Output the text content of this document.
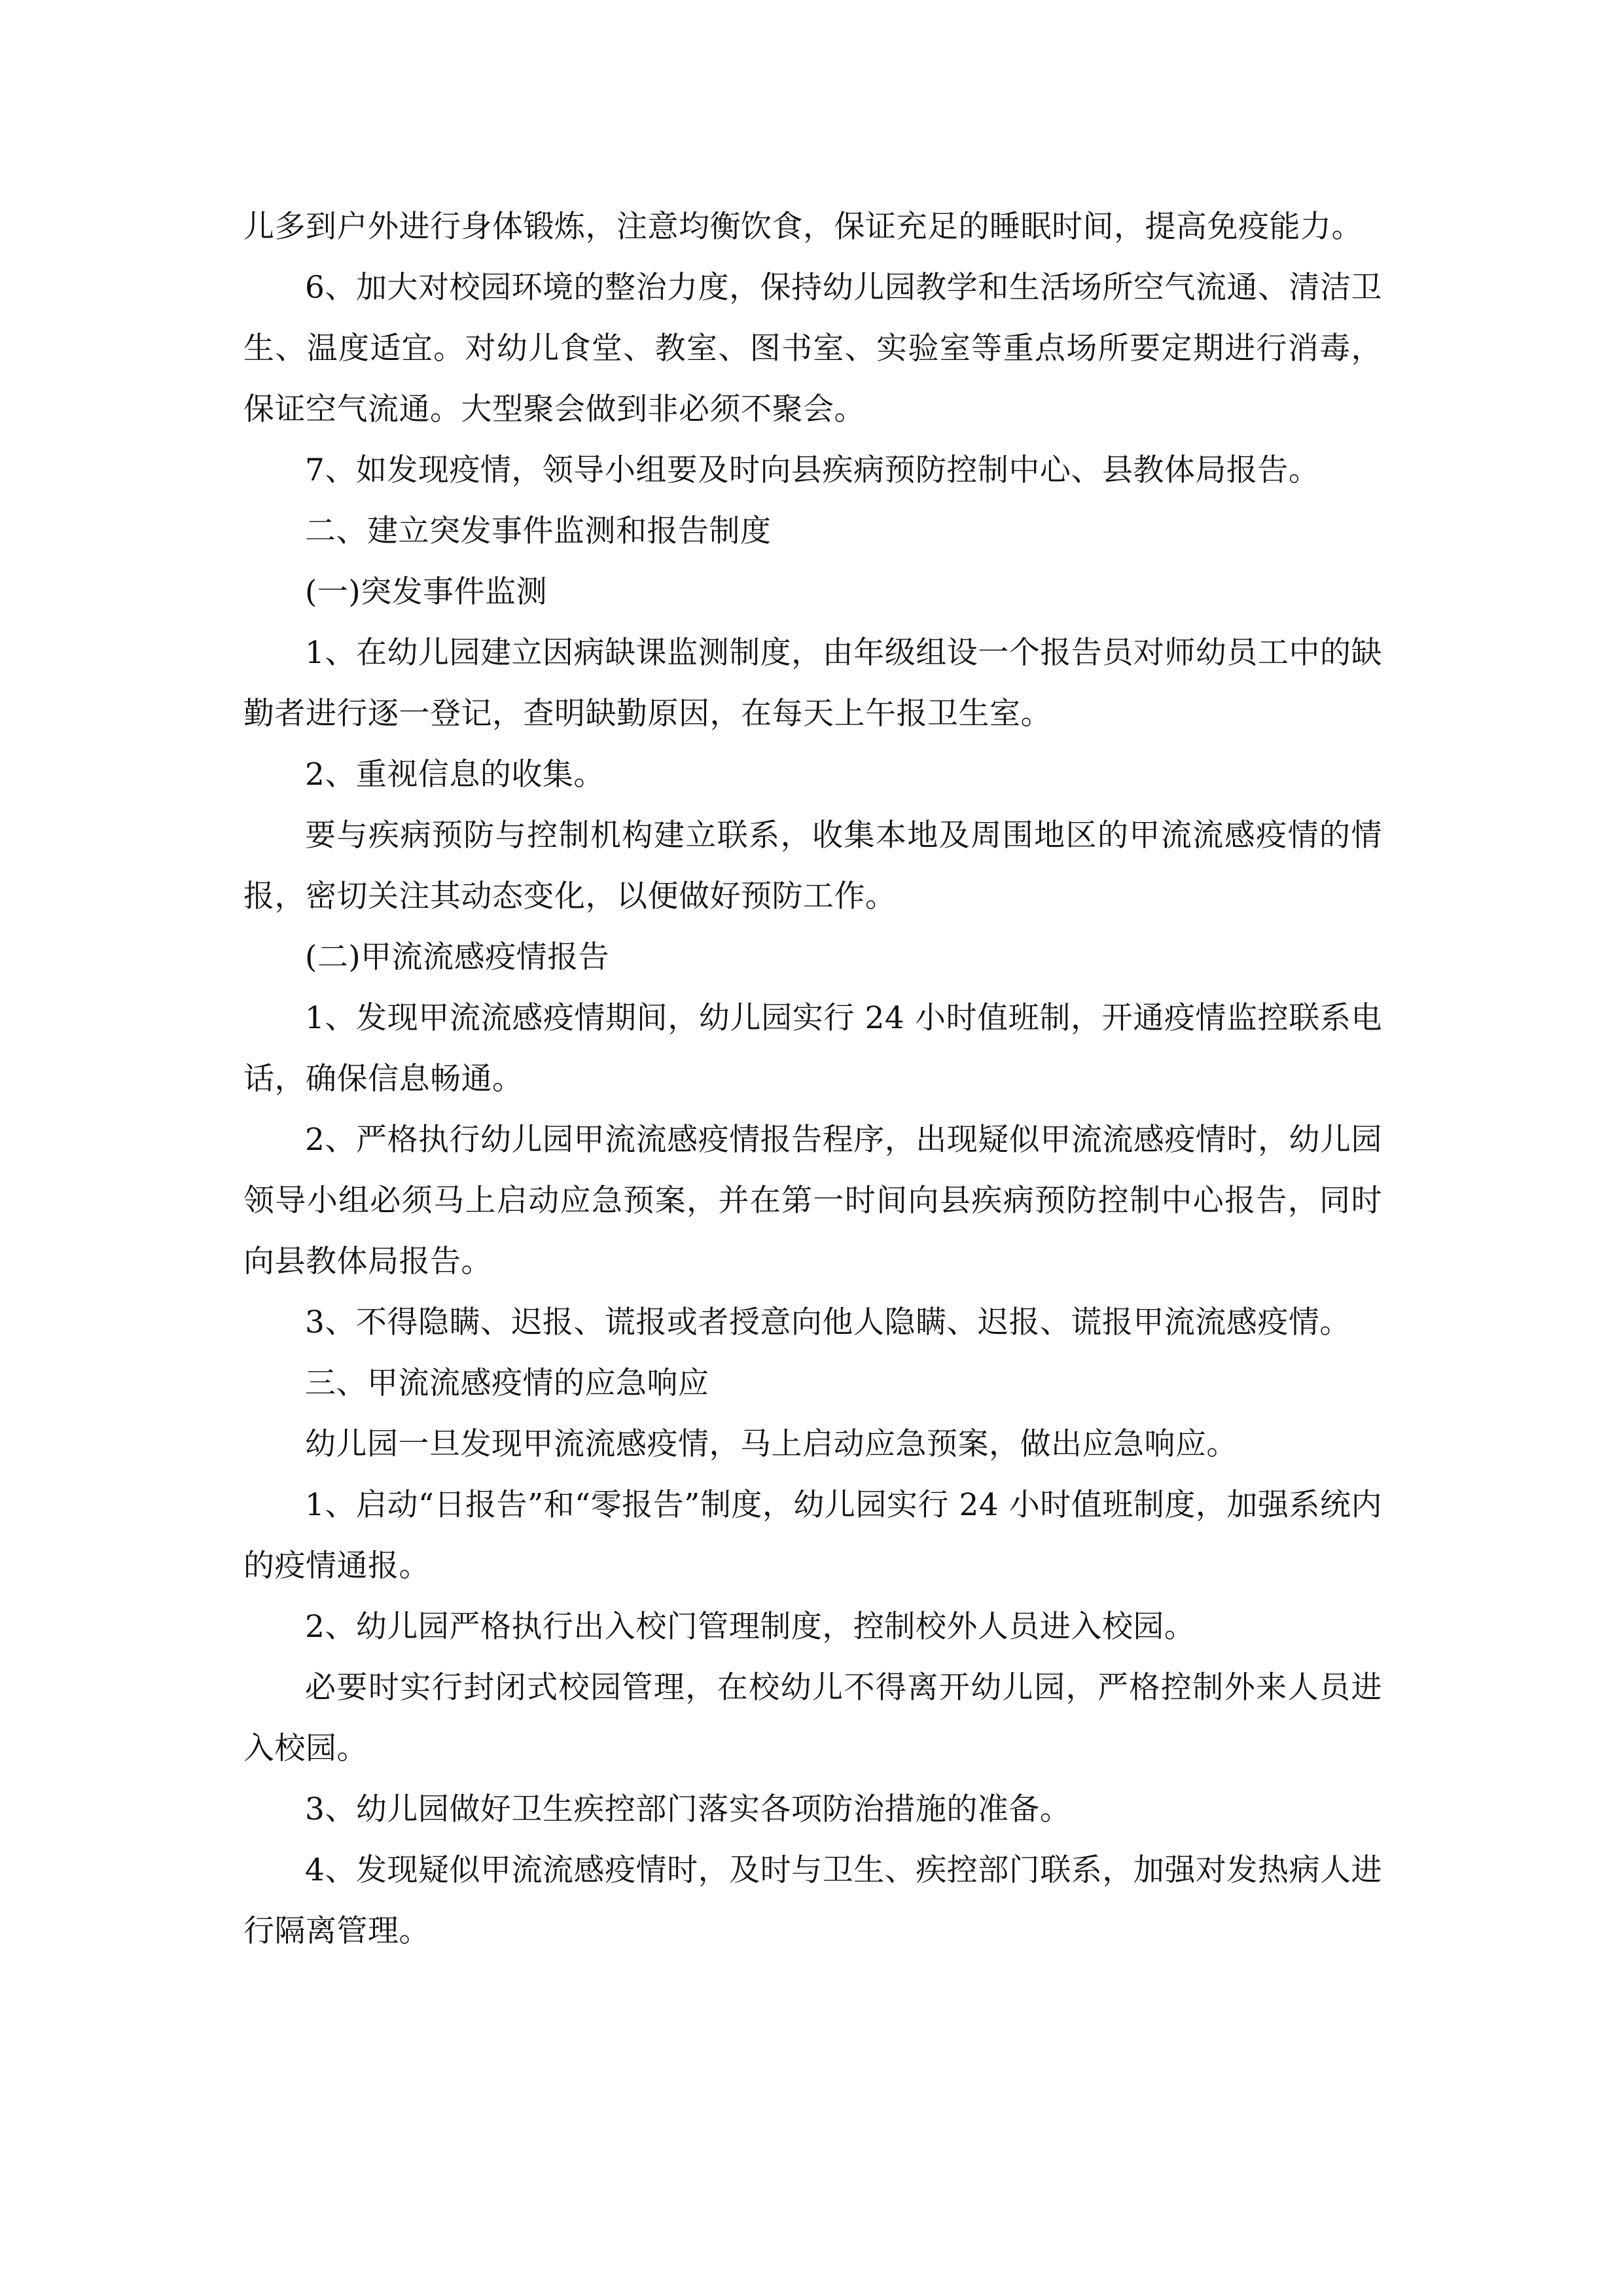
儿多到户外进行身体锻炼，注意均衡饮食，保证充足的睡眠时间，提高免疫能力。

6、加大对校园环境的整治力度，保持幼儿园教学和生活场所空气流通、清洁卫生、温度适宜。对幼儿食堂、教室、图书室、实验室等重点场所要定期进行消毒，保证空气流通。大型聚会做到非必须不聚会。

7、如发现疫情，领导小组要及时向县疾病预防控制中心、县教体局报告。

二、建立突发事件监测和报告制度

(一)突发事件监测

1、在幼儿园建立因病缺课监测制度，由年级组设一个报告员对师幼员工中的缺勤者进行逐一登记，查明缺勤原因，在每天上午报卫生室。

2、重视信息的收集。

要与疾病预防与控制机构建立联系，收集本地及周围地区的甲流流感疫情的情报，密切关注其动态变化，以便做好预防工作。

(二)甲流流感疫情报告

1、发现甲流流感疫情期间，幼儿园实行 24 小时值班制，开通疫情监控联系电话，确保信息畅通。

2、严格执行幼儿园甲流流感疫情报告程序，出现疑似甲流流感疫情时，幼儿园领导小组必须马上启动应急预案，并在第一时间向县疾病预防控制中心报告，同时向县教体局报告。

3、不得隐瞒、迟报、谎报或者授意向他人隐瞒、迟报、谎报甲流流感疫情。

三、甲流流感疫情的应急响应

幼儿园一旦发现甲流流感疫情，马上启动应急预案，做出应急响应。

1、启动“日报告”和“零报告”制度，幼儿园实行 24 小时值班制度，加强系统内的疫情通报。

2、幼儿园严格执行出入校门管理制度，控制校外人员进入校园。

必要时实行封闭式校园管理，在校幼儿不得离开幼儿园，严格控制外来人员进入校园。

3、幼儿园做好卫生疾控部门落实各项防治措施的准备。

4、发现疑似甲流流感疫情时，及时与卫生、疾控部门联系，加强对发热病人进行隔离管理。
